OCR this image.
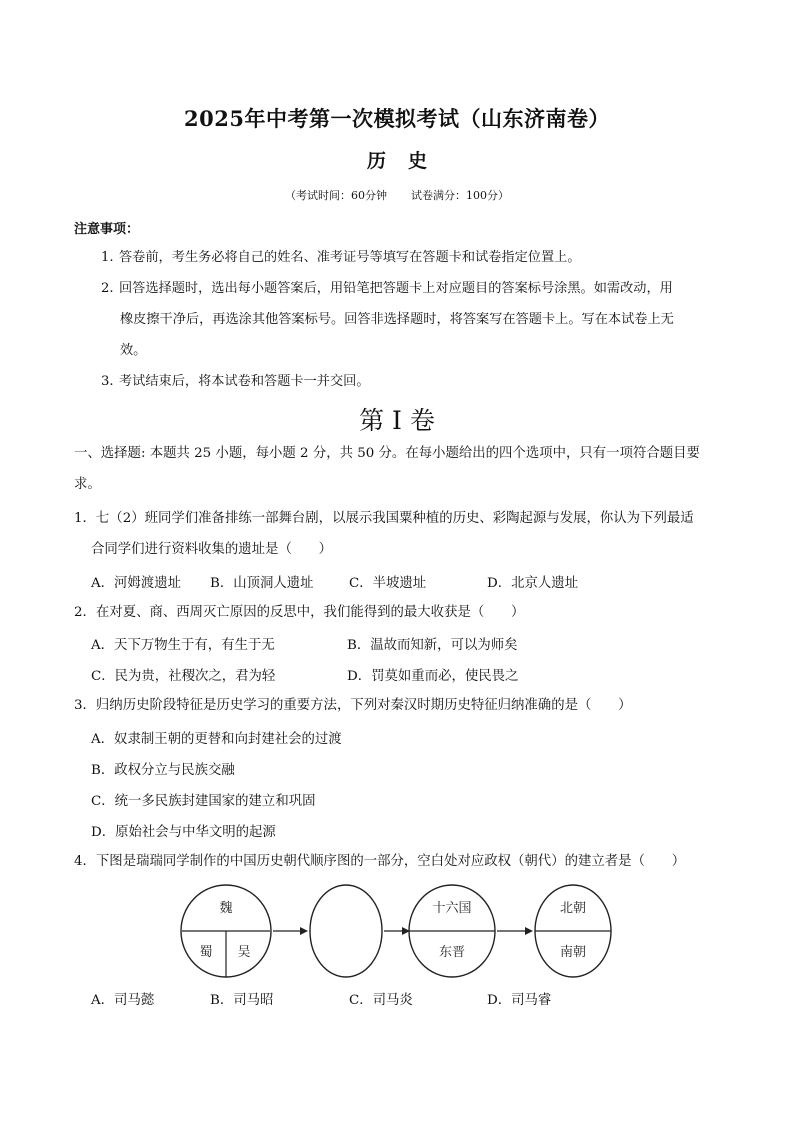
2025年中考第一次模拟考试（山东济南卷）
历 史
（考试时间：60分钟 试卷满分：100分）
注意事项：
1. 答卷前，考生务必将自己的姓名、准考证号等填写在答题卡和试卷指定位置上。
2. 回答选择题时，选出每小题答案后，用铅笔把答题卡上对应题目的答案标号涂黑。如需改动，用
橡皮擦干净后，再选涂其他答案标号。回答非选择题时，将答案写在答题卡上。写在本试卷上无
效。
3. 考试结束后，将本试卷和答题卡一并交回。
第 I 卷
一、选择题: 本题共 25 小题，每小题 2 分，共 50 分。在每小题给出的四个选项中，只有一项符合题目要
求。
1．七（2）班同学们准备排练一部舞台剧，以展示我国粟种植的历史、彩陶起源与发展，你认为下列最适
合同学们进行资料收集的遗址是（　　）
A．河姆渡遗址 B．山顶洞人遗址	C．半坡遗址	D．北京人遗址
2．在对夏、商、西周灭亡原因的反思中，我们能得到的最大收获是（　　）
A．天下万物生于有，有生于无	B．温故而知新，可以为师矣
C．民为贵，社稷次之，君为轻	D．罚莫如重而必，使民畏之
3．归纳历史阶段特征是历史学习的重要方法，下列对秦汉时期历史特征归纳准确的是（　　）
A．奴隶制王朝的更替和向封建社会的过渡
B．政权分立与民族交融
C．统一多民族封建国家的建立和巩固
D．原始社会与中华文明的起源
4．下图是瑞瑞同学制作的中国历史朝代顺序图的一部分，空白处对应政权（朝代）的建立者是（　　）
魏
蜀 吴
十六国
东晋
北朝
南朝
A．司马懿	B．司马昭	C．司马炎	D．司马睿
